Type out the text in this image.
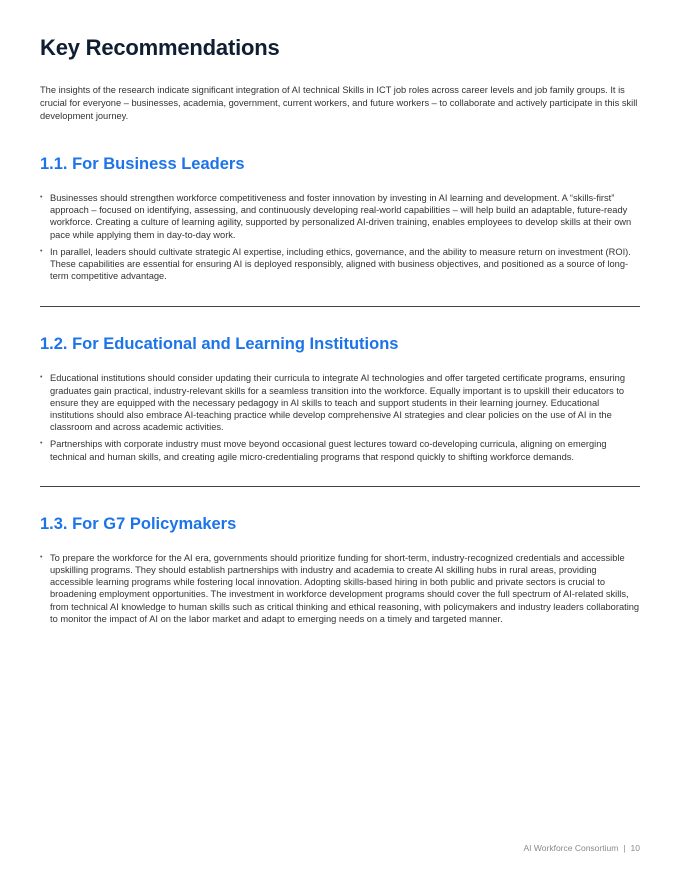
Key Recommendations

The insights of the research indicate significant integration of AI technical Skills in ICT job roles across career levels and job family groups. It is crucial for everyone – businesses, academia, government, current workers, and future workers – to collaborate and actively participate in this skill development journey.

1.1. For Business Leaders
• Businesses should strengthen workforce competitiveness and foster innovation by investing in AI learning and development. A “skills-first” approach – focused on identifying, assessing, and continuously developing real-world capabilities – will help build an adaptable, future-ready workforce. Creating a culture of learning agility, supported by personalized AI-driven training, enables employees to develop skills at their own pace while applying them in day-to-day work.
• In parallel, leaders should cultivate strategic AI expertise, including ethics, governance, and the ability to measure return on investment (ROI). These capabilities are essential for ensuring AI is deployed responsibly, aligned with business objectives, and positioned as a source of long-term competitive advantage.
1.2. For Educational and Learning Institutions
• Educational institutions should consider updating their curricula to integrate AI technologies and offer targeted certificate programs, ensuring graduates gain practical, industry-relevant skills for a seamless transition into the workforce. Equally important is to upskill their educators to ensure they are equipped with the necessary pedagogy in AI skills to teach and support students in their learning journey. Educational institutions should also embrace AI-teaching practice while develop comprehensive AI strategies and clear policies on the use of AI in the classroom and across academic activities.
• Partnerships with corporate industry must move beyond occasional guest lectures toward co-developing curricula, aligning on emerging technical and human skills, and creating agile micro-credentialing programs that respond quickly to shifting workforce demands.
1.3. For G7 Policymakers
• To prepare the workforce for the AI era, governments should prioritize funding for short-term, industry-recognized credentials and accessible upskilling programs. They should establish partnerships with industry and academia to create AI skilling hubs in rural areas, providing accessible learning programs while fostering local innovation. Adopting skills-based hiring in both public and private sectors is crucial to broadening employment opportunities. The investment in workforce development programs should cover the full spectrum of AI-related skills, from technical AI knowledge to human skills such as critical thinking and ethical reasoning, with policymakers and industry leaders collaborating to monitor the impact of AI on the labor market and adapt to emerging needs on a timely and targeted manner.
AI Workforce Consortium | 10
